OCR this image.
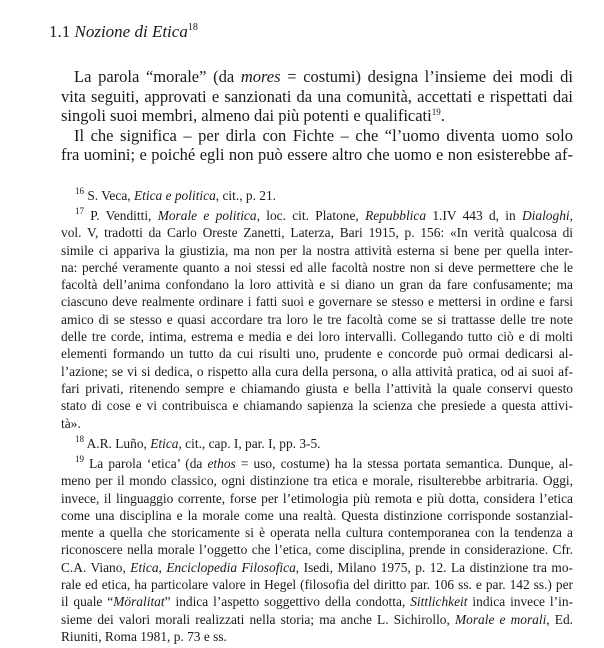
1.1 Nozione di Etica$^{18}$
La parola “morale” (da mores = costumi) designa l’insieme dei modi di
vita seguiti, approvati e sanzionati da una comunità, accettati e rispettati dai
singoli suoi membri, almeno dai più potenti e qualificati$^{19}$.
Il che significa – per dirla con Fichte – che “l’uomo diventa uomo solo
fra uomini; e poiché egli non può essere altro che uomo e non esisterebbe af-
$^{16}$ S. Veca, Etica e politica, cit., p. 21.
$^{17}$ P. Venditti, Morale e politica, loc. cit. Platone, Repubblica 1.IV 443 d, in Dialoghi,
vol. V, tradotti da Carlo Oreste Zanetti, Laterza, Bari 1915, p. 156: «In verità qualcosa di
simile ci appariva la giustizia, ma non per la nostra attività esterna si bene per quella inter-
na: perché veramente quanto a noi stessi ed alle facoltà nostre non si deve permettere che le
facoltà dell’anima confondano la loro attività e si diano un gran da fare confusamente; ma
ciascuno deve realmente ordinare i fatti suoi e governare se stesso e mettersi in ordine e farsi
amico di se stesso e quasi accordare tra loro le tre facoltà come se si trattasse delle tre note
delle tre corde, intima, estrema e media e dei loro intervalli. Collegando tutto ciò e di molti
elementi formando un tutto da cui risulti uno, prudente e concorde può ormai dedicarsi al-
l’azione; se vi si dedica, o rispetto alla cura della persona, o alla attività pratica, od ai suoi af-
fari privati, ritenendo sempre e chiamando giusta e bella l’attività la quale conservi questo
stato di cose e vi contribuisca e chiamando sapienza la scienza che presiede a questa attivi-
tà».
$^{18}$ A.R. Luño, Etica, cit., cap. I, par. I, pp. 3-5.
$^{19}$ La parola ‘etica’ (da ethos = uso, costume) ha la stessa portata semantica. Dunque, al-
meno per il mondo classico, ogni distinzione tra etica e morale, risulterebbe arbitraria. Oggi,
invece, il linguaggio corrente, forse per l’etimologia più remota e più dotta, considera l’etica
come una disciplina e la morale come una realtà. Questa distinzione corrisponde sostanzial-
mente a quella che storicamente si è operata nella cultura contemporanea con la tendenza a
riconoscere nella morale l’oggetto che l’etica, come disciplina, prende in considerazione. Cfr.
C.A. Viano, Etica, Enciclopedia Filosofica, Isedi, Milano 1975, p. 12. La distinzione tra mo-
rale ed etica, ha particolare valore in Hegel (filosofia del diritto par. 106 ss. e par. 142 ss.) per
il quale “Möralitat” indica l’aspetto soggettivo della condotta, Sittlichkeit indica invece l’in-
sieme dei valori morali realizzati nella storia; ma anche L. Sichirollo, Morale e morali, Ed.
Riuniti, Roma 1981, p. 73 e ss.
